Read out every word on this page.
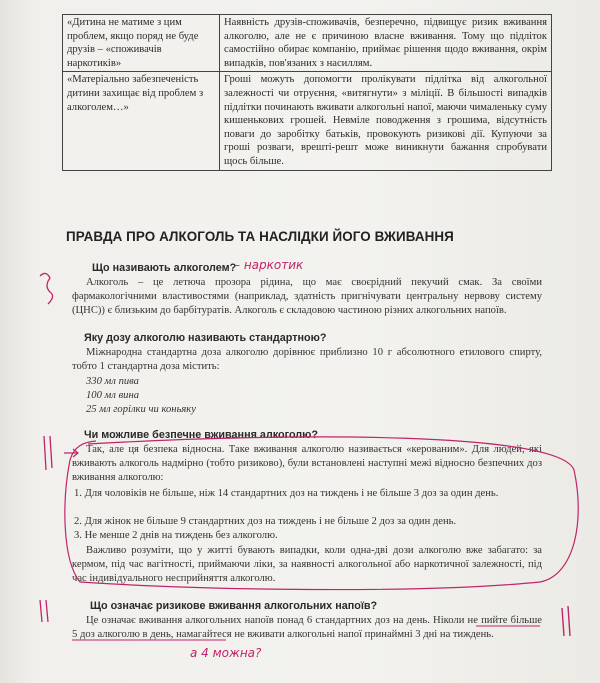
«Дитина не матиме з цим проблем, якщо поряд не буде друзів – «споживачів наркотиків»	Наявність друзів-споживачів, безперечно, підвищує ризик вживання алкоголю, але не є причиною власне вживання. Тому що підліток самостійно обирає компанію, приймає рішення щодо вживання, окрім випадків, пов'язаних з насиллям.
«Матеріально забезпеченість дитини захищає від проблем з алкоголем…»	Гроші можуть допомогти пролікувати підлітка від алкогольної залежності чи отруєння, «витягнути» з міліції. В більшості випадків підлітки починають вживати алкогольні напої, маючи чималеньку суму кишенькових грошей. Невміле поводження з грошима, відсутність поваги до заробітку батьків, провокують ризикові дії. Купуючи за гроші розваги, врешті-решт може виникнути бажання спробувати щось більше.
ПРАВДА ПРО АЛКОГОЛЬ ТА НАСЛІДКИ ЙОГО ВЖИВАННЯ

Що називають алкоголем?

– наркотик

Алкоголь – це летюча прозора рідина, що має своєрідний пекучий смак. За своїми фармакологічними властивостями (наприклад, здатність пригнічувати центральну нервову систему (ЦНС)) є близьким до барбітуратів. Алкоголь є складовою частиною різних алкогольних напоїв.

Яку дозу алкоголю називають стандартною?

Міжнародна стандартна доза алкоголю дорівнює приблизно 10 г абсолютного етилового спирту, тобто 1 стандартна доза містить:

330 мл пива

100 мл вина

25 мл горілки чи коньяку

Чи можливе безпечне вживання алкоголю?

Так, але ця безпека відносна. Таке вживання алкоголю називається «керованим». Для людей, які вживають алкоголь надмірно (тобто ризиково), були встановлені наступні межі відносно безпечних доз вживання алкоголю:

1. Для чоловіків не більше, ніж 14 стандартних доз на тиждень і не більше 3 доз за один день.

2. Для жінок не більше 9 стандартних доз на тиждень і не більше 2 доз за один день.

3. Не менше 2 днів на тиждень без алкоголю.

Важливо розуміти, що у житті бувають випадки, коли одна-дві дози алкоголю вже забагато: за кермом, під час вагітності, приймаючи ліки, за наявності алкогольної або наркотичної залежності, під час індивідуального несприйняття алкоголю.

Що означає ризикове вживання алкогольних напоїв?

Це означає вживання алкогольних напоїв понад 6 стандартних доз на день. Ніколи не пийте більше 5 доз алкоголю в день, намагайтеся не вживати алкогольні напої принаймні 3 дні на тиждень.

а 4 можна?
